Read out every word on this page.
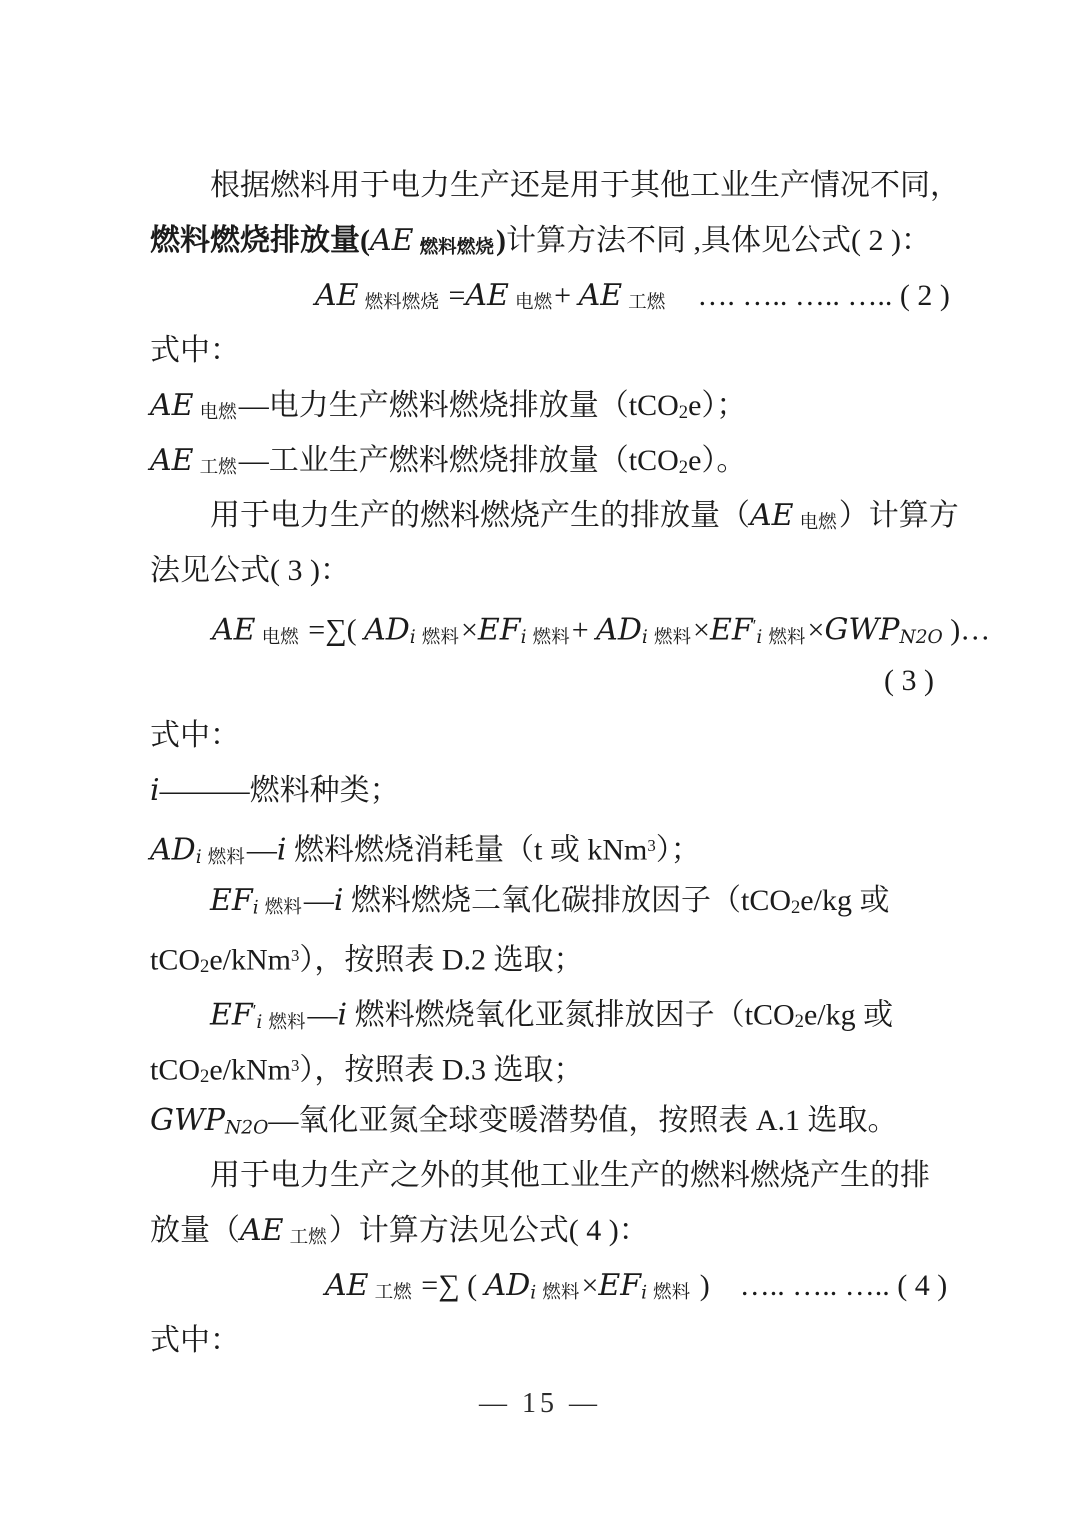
根据燃料用于电力生产还是用于其他工业生产情况不同，
燃料燃烧排放量(AE 燃料燃烧)计算方法不同 ,具体见公式( 2 )：
AE 燃料燃烧 =AE 电燃+ AE 工燃　…. ….. ….. ….. ( 2 )
式中：
AE 电燃—电力生产燃料燃烧排放量（tCO2e）；
AE 工燃—工业生产燃料燃烧排放量（tCO2e）。
用于电力生产的燃料燃烧产生的排放量（AE 电燃）计算方
法见公式( 3 )：
AE 电燃 =∑( ADi 燃料×EFi 燃料+ ADi 燃料×EF′i 燃料×GWPN2O )…
( 3 )
式中：
i———燃料种类；
ADi 燃料—i 燃料燃烧消耗量（t 或 kNm$^3$）；
EFi 燃料—i 燃料燃烧二氧化碳排放因子（tCO2e/kg 或
tCO2e/kNm$^3$），按照表 D.2 选取；
EF′i 燃料—i 燃料燃烧氧化亚氮排放因子（tCO2e/kg 或
tCO2e/kNm$^3$），按照表 D.3 选取；
GWPN2O—氧化亚氮全球变暖潜势值，按照表 A.1 选取。
用于电力生产之外的其他工业生产的燃料燃烧产生的排
放量（AE 工燃）计算方法见公式( 4 )：
AE 工燃 =∑ ( ADi 燃料×EFi 燃料 )　….. ….. ….. ( 4 )
式中：
— 15 —
